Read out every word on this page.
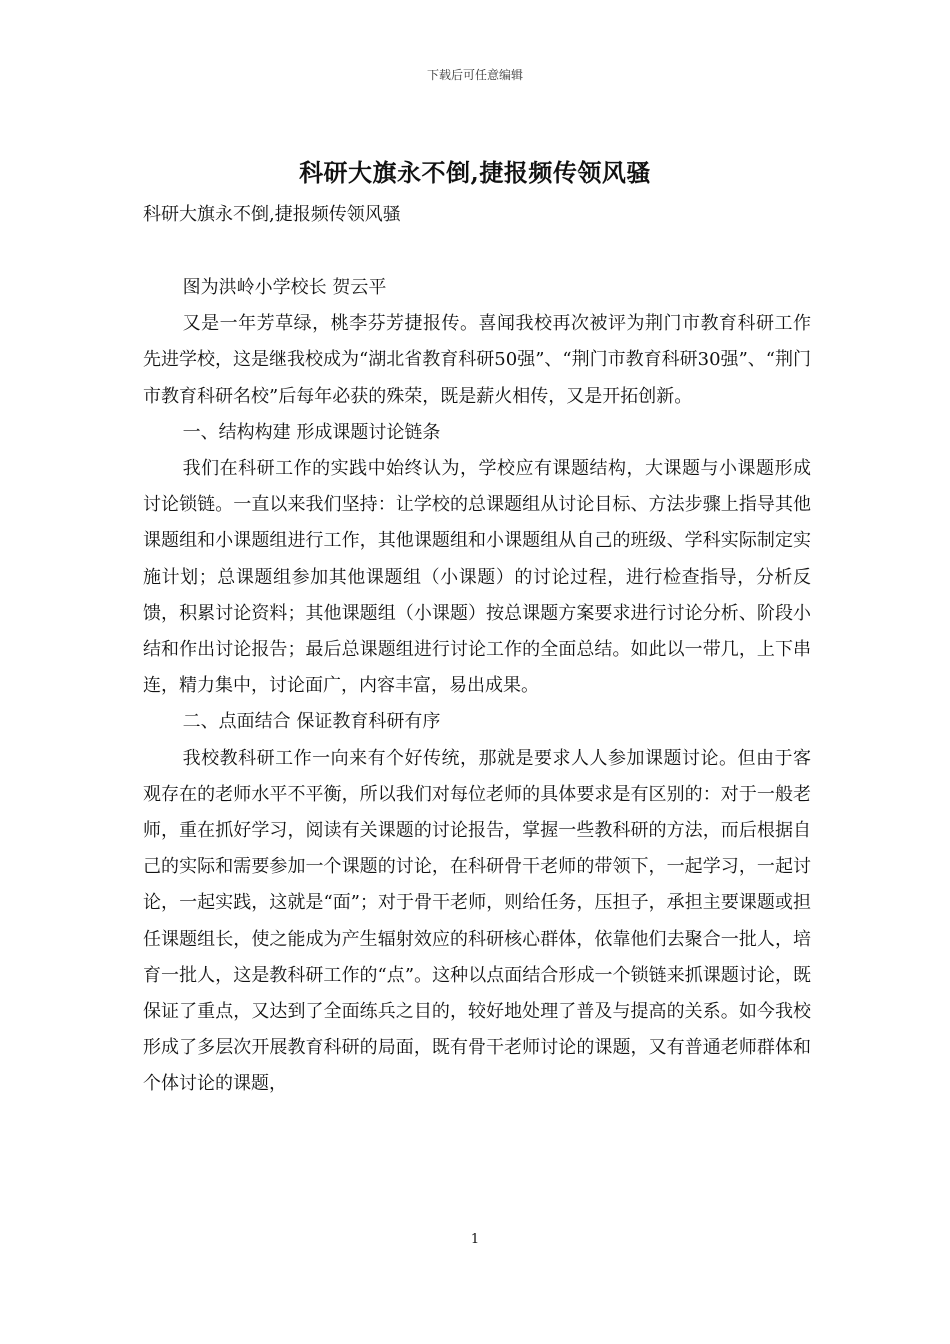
下载后可任意编辑
科研大旗永不倒,捷报频传领风骚

科研大旗永不倒,捷报频传领风骚

图为洪岭小学校长 贺云平

又是一年芳草绿，桃李芬芳捷报传。喜闻我校再次被评为荆门市教育科研工作先进学校，这是继我校成为“湖北省教育科研50强”、“荆门市教育科研30强”、“荆门市教育科研名校”后每年必获的殊荣，既是薪火相传，又是开拓创新。

一、结构构建 形成课题讨论链条

我们在科研工作的实践中始终认为，学校应有课题结构，大课题与小课题形成讨论锁链。一直以来我们坚持：让学校的总课题组从讨论目标、方法步骤上指导其他课题组和小课题组进行工作，其他课题组和小课题组从自己的班级、学科实际制定实施计划；总课题组参加其他课题组（小课题）的讨论过程，进行检查指导，分析反馈，积累讨论资料；其他课题组（小课题）按总课题方案要求进行讨论分析、阶段小结和作出讨论报告；最后总课题组进行讨论工作的全面总结。如此以一带几，上下串连，精力集中，讨论面广，内容丰富，易出成果。

二、点面结合 保证教育科研有序

我校教科研工作一向来有个好传统，那就是要求人人参加课题讨论。但由于客观存在的老师水平不平衡，所以我们对每位老师的具体要求是有区别的：对于一般老师，重在抓好学习，阅读有关课题的讨论报告，掌握一些教科研的方法，而后根据自己的实际和需要参加一个课题的讨论，在科研骨干老师的带领下，一起学习，一起讨论，一起实践，这就是“面”；对于骨干老师，则给任务，压担子，承担主要课题或担任课题组长，使之能成为产生辐射效应的科研核心群体，依靠他们去聚合一批人，培育一批人，这是教科研工作的“点”。这种以点面结合形成一个锁链来抓课题讨论，既保证了重点，又达到了全面练兵之目的，较好地处理了普及与提高的关系。如今我校形成了多层次开展教育科研的局面，既有骨干老师讨论的课题，又有普通老师群体和个体讨论的课题，

1
